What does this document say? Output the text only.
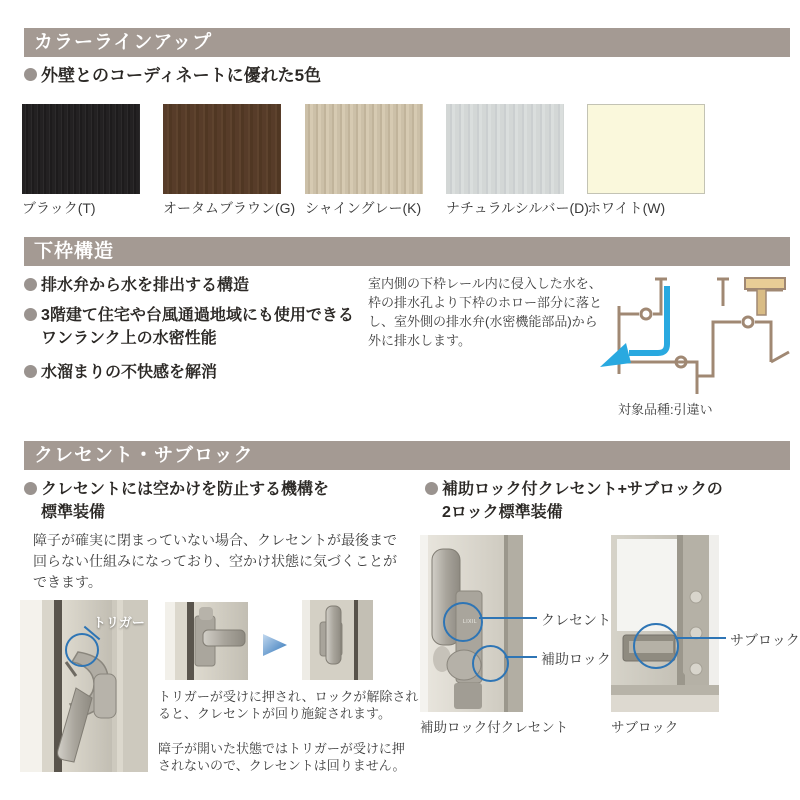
カラーラインアップ
外壁とのコーディネートに優れた5色
ブラック(T)	オータムブラウン(G) シャイングレー(K) ナチュラルシルバー(D)
ホワイト(W)
下枠構造
排水弁から水を排出する構造
3階建て住宅や台風通過地域にも使用できる
ワンランク上の水密性能
水溜まりの不快感を解消
室内側の下枠レール内に侵入した水を、
枠の排水孔より下枠のホロー部分に落と
し、室外側の排水弁(水密機能部品)から
外に排水します。
対象品種:引違い
クレセント・サブロック
クレセントには空かけを防止する機構を
標準装備
障子が確実に閉まっていない場合、クレセントが最後まで
回らない仕組みになっており、空かけ状態に気づくことが
できます。
トリガー
トリガーが受けに押され、ロックが解除され
ると、クレセントが回り施錠されます。
障子が開いた状態ではトリガーが受けに押
されないので、クレセントは回りません。
補助ロック付クレセント+サブロックの
2ロック標準装備
LIXIL	クレセント
補助ロック
補助ロック付クレセント
サブロック
サブロック
